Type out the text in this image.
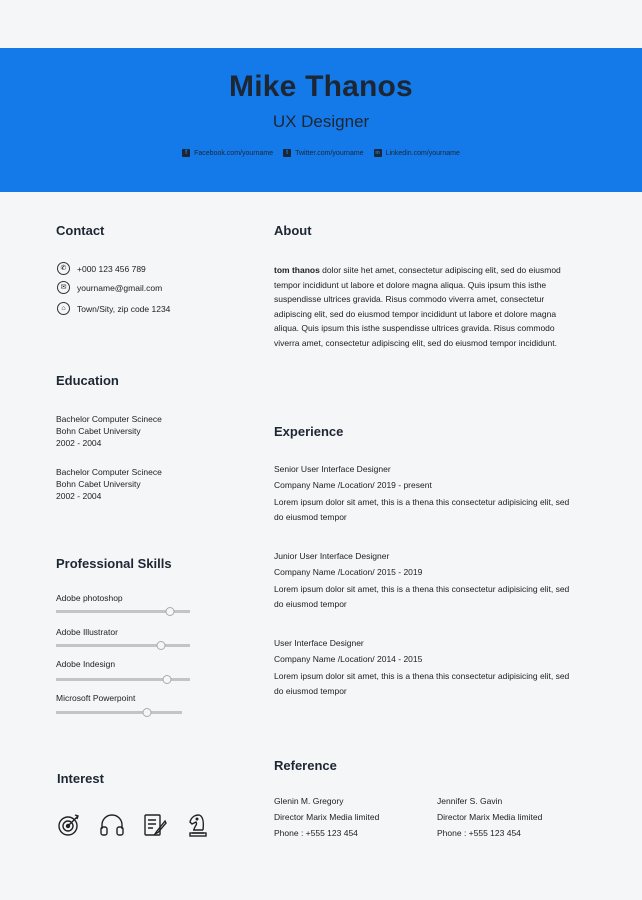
Mike Thanos
UX Designer
f	Facebook.com/yourname	t	Twitter.com/yourname	in Linkedin.com/yourname
Contact
✆	+000 123 456 789
✉	yourname@gmail.com
⌂	Town/Sity, zip code 1234
Education

Bachelor Computer Scinece

Bohn Cabet University

2002 - 2004

Bachelor Computer Scinece

Bohn Cabet University

2002 - 2004

Professional Skills
Adobe photoshop
Adobe Illustrator
Adobe Indesign
Microsoft Powerpoint
Interest
About
tom thanos dolor siite het amet, consectetur adipiscing elit, sed do eiusmod tempor incididunt ut labore et dolore magna aliqua. Quis ipsum this isthe suspendisse ultrices gravida. Risus commodo viverra amet, consectetur adipiscing elit, sed do eiusmod tempor incididunt ut labore et dolore magna aliqua. Quis ipsum this isthe suspendisse ultrices gravida. Risus commodo viverra amet, consectetur adipiscing elit, sed do eiusmod tempor incididunt.
Experience
Senior User Interface Designer
Company Name /Location/ 2019 - present
Lorem ipsum dolor sit amet, this is a thena this consectetur adipisicing elit, sed do eiusmod tempor
Junior User Interface Designer
Company Name /Location/ 2015 - 2019
Lorem ipsum dolor sit amet, this is a thena this consectetur adipisicing elit, sed do eiusmod tempor
User Interface Designer
Company Name /Location/ 2014 - 2015
Lorem ipsum dolor sit amet, this is a thena this consectetur adipisicing elit, sed do eiusmod tempor
Reference

Glenin M. Gregory

Director Marix Media limited

Phone : +555 123 454

Jennifer S. Gavin

Director Marix Media limited

Phone : +555 123 454
